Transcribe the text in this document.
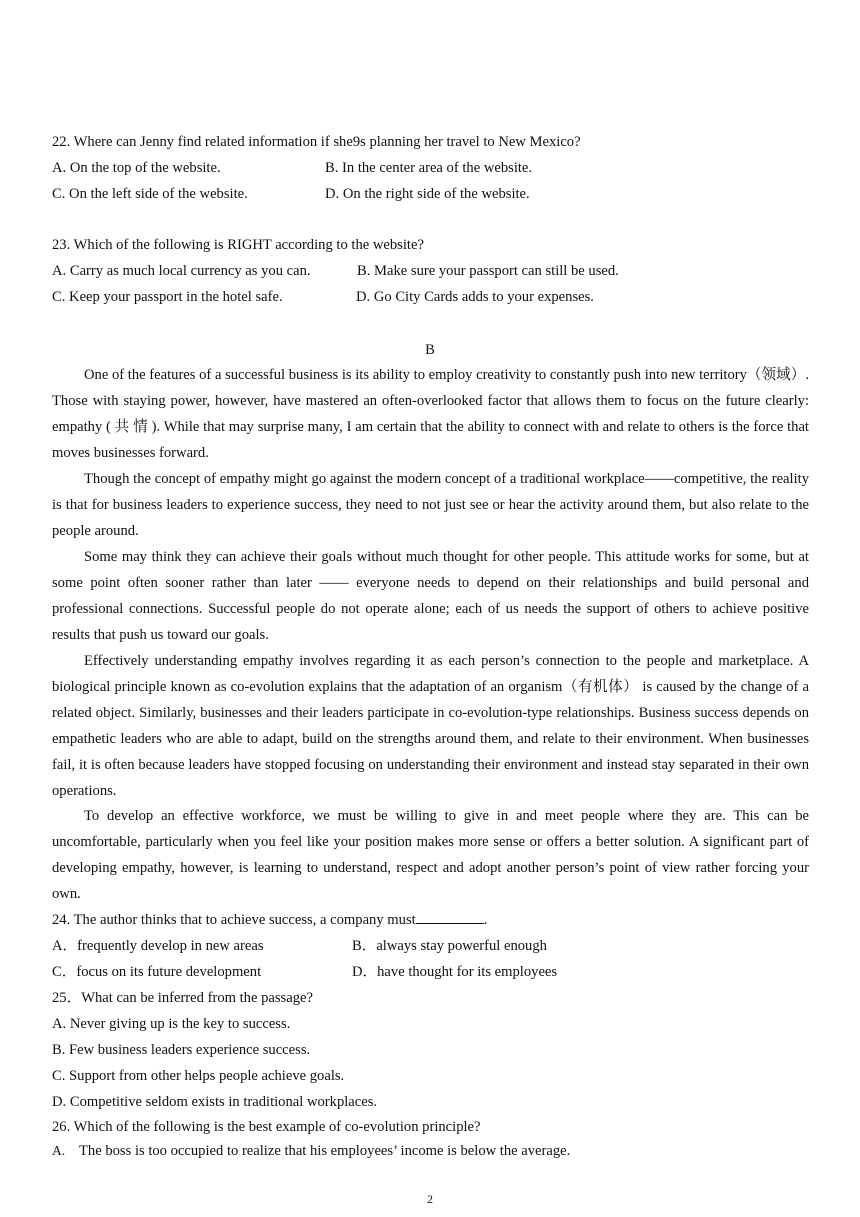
22. Where can Jenny find related information if she9s planning her travel to New Mexico?
A. On the top of the website.	B. In the center area of the website.
C. On the left side of the website.	D. On the right side of the website.
23. Which of the following is RIGHT according to the website?
A. Carry as much local currency as you can.	B. Make sure your passport can still be used.
C. Keep your passport in the hotel safe.	D. Go City Cards adds to your expenses.
B
One of the features of a successful business is its ability to employ creativity to constantly push into new territory（领域）. Those with staying power, however, have mastered an often-overlooked factor that allows them to focus on the future clearly: empathy ( 共 情 ). While that may surprise many, I am certain that the ability to connect with and relate to others is the force that moves businesses forward.
Though the concept of empathy might go against the modern concept of a traditional workplace——competitive, the reality is that for business leaders to experience success, they need to not just see or hear the activity around them, but also relate to the people around.
Some may think they can achieve their goals without much thought for other people. This attitude works for some, but at some point often sooner rather than later —— everyone needs to depend on their relationships and build personal and professional connections. Successful people do not operate alone; each of us needs the support of others to achieve positive results that push us toward our goals.
Effectively understanding empathy involves regarding it as each person’s connection to the people and marketplace. A biological principle known as co-evolution explains that the adaptation of an organism（有机体） is caused by the change of a related object. Similarly, businesses and their leaders participate in co-evolution-type relationships. Business success depends on empathetic leaders who are able to adapt, build on the strengths around them, and relate to their environment. When businesses fail, it is often because leaders have stopped focusing on understanding their environment and instead stay separated in their own operations.
To develop an effective workforce, we must be willing to give in and meet people where they are. This can be uncomfortable, particularly when you feel like your position makes more sense or offers a better solution. A significant part of developing empathy, however, is learning to understand, respect and adopt another person’s point of view rather forcing your own.
24. The author thinks that to achieve success, a company must	.
A．frequently develop in new areas	B．always stay powerful enough
C．focus on its future development	D．have thought for its employees
25．What can be inferred from the passage?
A. Never giving up is the key to success.
B. Few business leaders experience success.
C. Support from other helps people achieve goals.
D. Competitive seldom exists in traditional workplaces.
26. Which of the following is the best example of co-evolution principle?
A. The boss is too occupied to realize that his employees’ income is below the average.
2
